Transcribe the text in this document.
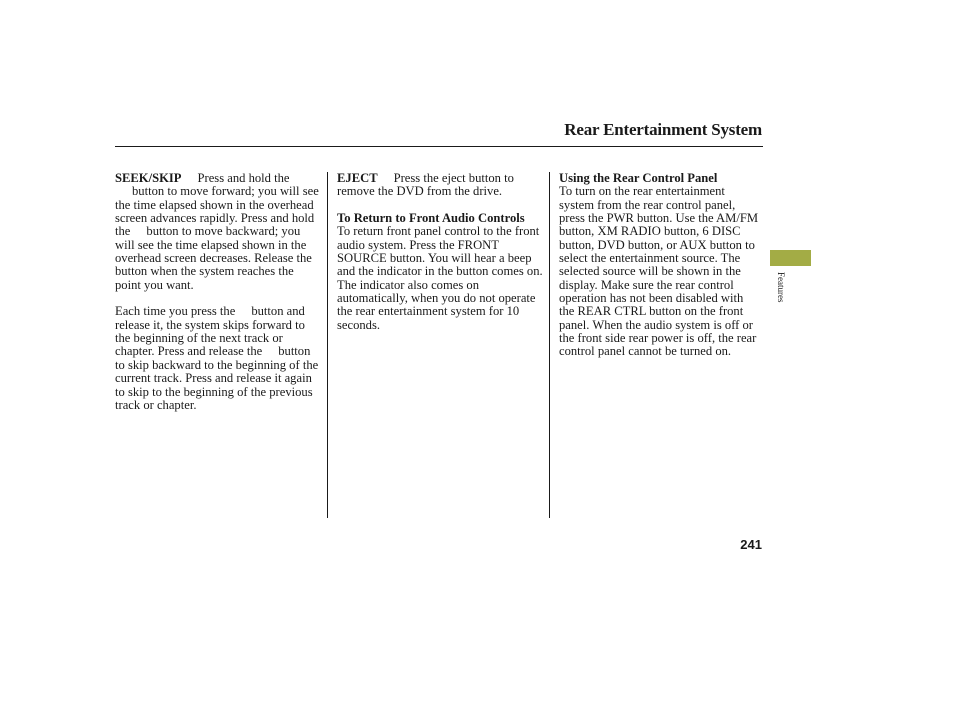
Rear Entertainment System

SEEK/SKIP Press and hold the
button to move forward; you will see the time elapsed shown in the overhead screen advances rapidly. Press and hold the button to move backward; you will see the time elapsed shown in the overhead screen decreases. Release the button when the system reaches the point you want.

Each time you press the button and release it, the system skips forward to the beginning of the next track or chapter. Press and release the button to skip backward to the beginning of the current track. Press and release it again to skip to the beginning of the previous track or chapter.

EJECT Press the eject button to remove the DVD from the drive.

To Return to Front Audio Controls

To return front panel control to the front audio system. Press the FRONT SOURCE button. You will hear a beep and the indicator in the button comes on. The indicator also comes on automatically, when you do not operate the rear entertainment system for 10 seconds.

Using the Rear Control Panel

To turn on the rear entertainment system from the rear control panel, press the PWR button. Use the AM/FM button, XM RADIO button, 6 DISC button, DVD button, or AUX button to select the entertainment source. The selected source will be shown in the display. Make sure the rear control operation has not been disabled with the REAR CTRL button on the front panel. When the audio system is off or the front side rear power is off, the rear control panel cannot be turned on.

Features
241
